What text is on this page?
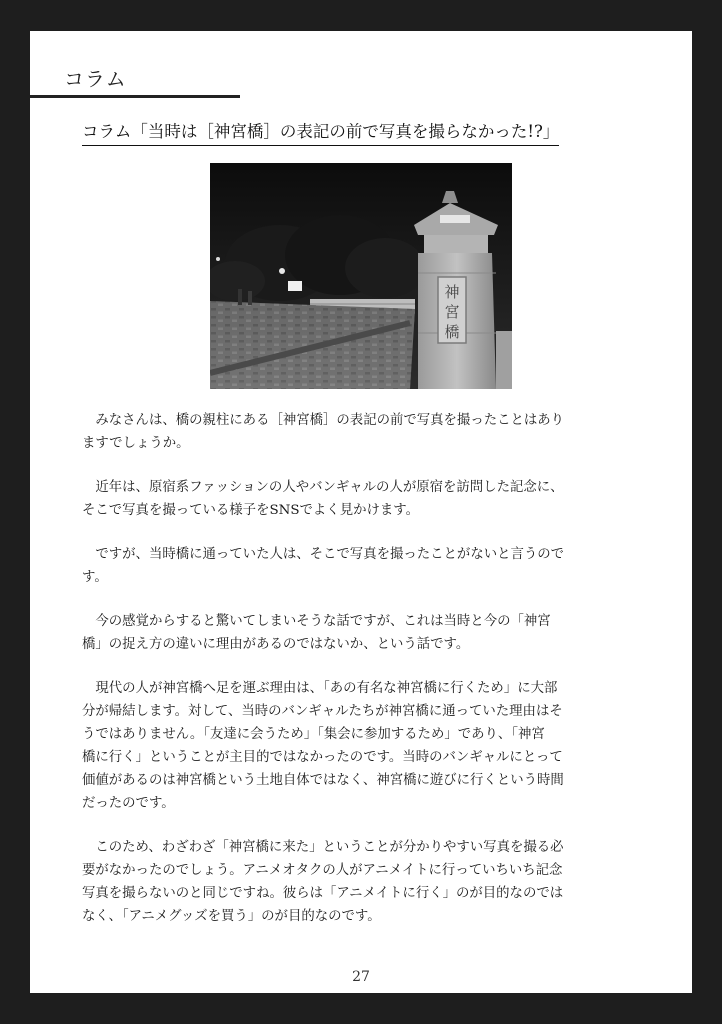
コラム
コラム「当時は［神宮橋］の表記の前で写真を撮らなかった!?」
神
宮
橋

みなさんは、橋の親柱にある［神宮橋］の表記の前で写真を撮ったことはあり
ますでしょうか。

近年は、原宿系ファッションの人やバンギャルの人が原宿を訪問した記念に、
そこで写真を撮っている様子をSNSでよく見かけます。

ですが、当時橋に通っていた人は、そこで写真を撮ったことがないと言うので
す。

今の感覚からすると驚いてしまいそうな話ですが、これは当時と今の「神宮
橋」の捉え方の違いに理由があるのではないか、という話です。

現代の人が神宮橋へ足を運ぶ理由は、「あの有名な神宮橋に行くため」に大部
分が帰結します。対して、当時のバンギャルたちが神宮橋に通っていた理由はそ
うではありません。「友達に会うため」「集会に参加するため」であり、「神宮
橋に行く」ということが主目的ではなかったのです。当時のバンギャルにとって
価値があるのは神宮橋という土地自体ではなく、神宮橋に遊びに行くという時間
だったのです。

このため、わざわざ「神宮橋に来た」ということが分かりやすい写真を撮る必
要がなかったのでしょう。アニメオタクの人がアニメイトに行っていちいち記念
写真を撮らないのと同じですね。彼らは「アニメイトに行く」のが目的なのでは
なく、「アニメグッズを買う」のが目的なのです。

27
